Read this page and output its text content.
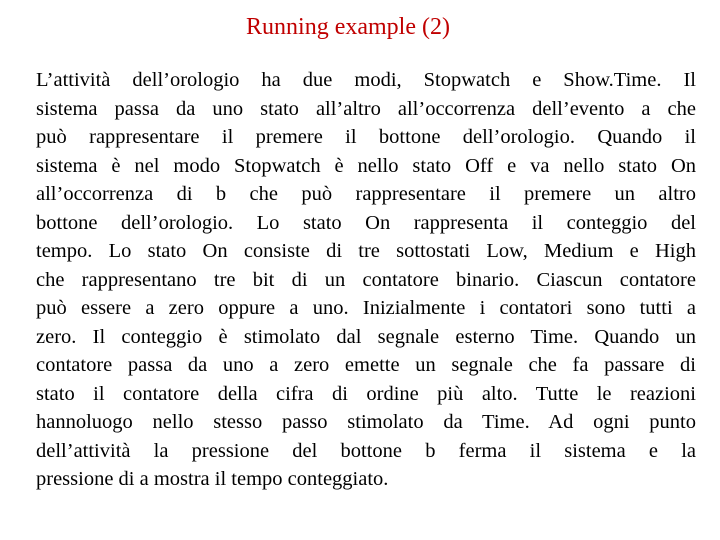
Running example (2)
L’attività dell’orologio ha due modi, Stopwatch e Show.Time. Il
sistema passa da uno stato all’altro all’occorrenza dell’evento a che
può rappresentare il premere il bottone dell’orologio. Quando il
sistema è nel modo Stopwatch è nello stato Off e va nello stato On
all’occorrenza di b che può rappresentare il premere un altro
bottone dell’orologio. Lo stato On rappresenta il conteggio del
tempo. Lo stato On consiste di tre sottostati Low, Medium e High
che rappresentano tre bit di un contatore binario. Ciascun contatore
può essere a zero oppure a uno. Inizialmente i contatori sono tutti a
zero. Il conteggio è stimolato dal segnale esterno Time. Quando un
contatore passa da uno a zero emette un segnale che fa passare di
stato il contatore della cifra di ordine più alto. Tutte le reazioni
hannoluogo nello stesso passo stimolato da Time. Ad ogni punto
dell’attività la pressione del bottone b ferma il sistema e la
pressione di a mostra il tempo conteggiato.
